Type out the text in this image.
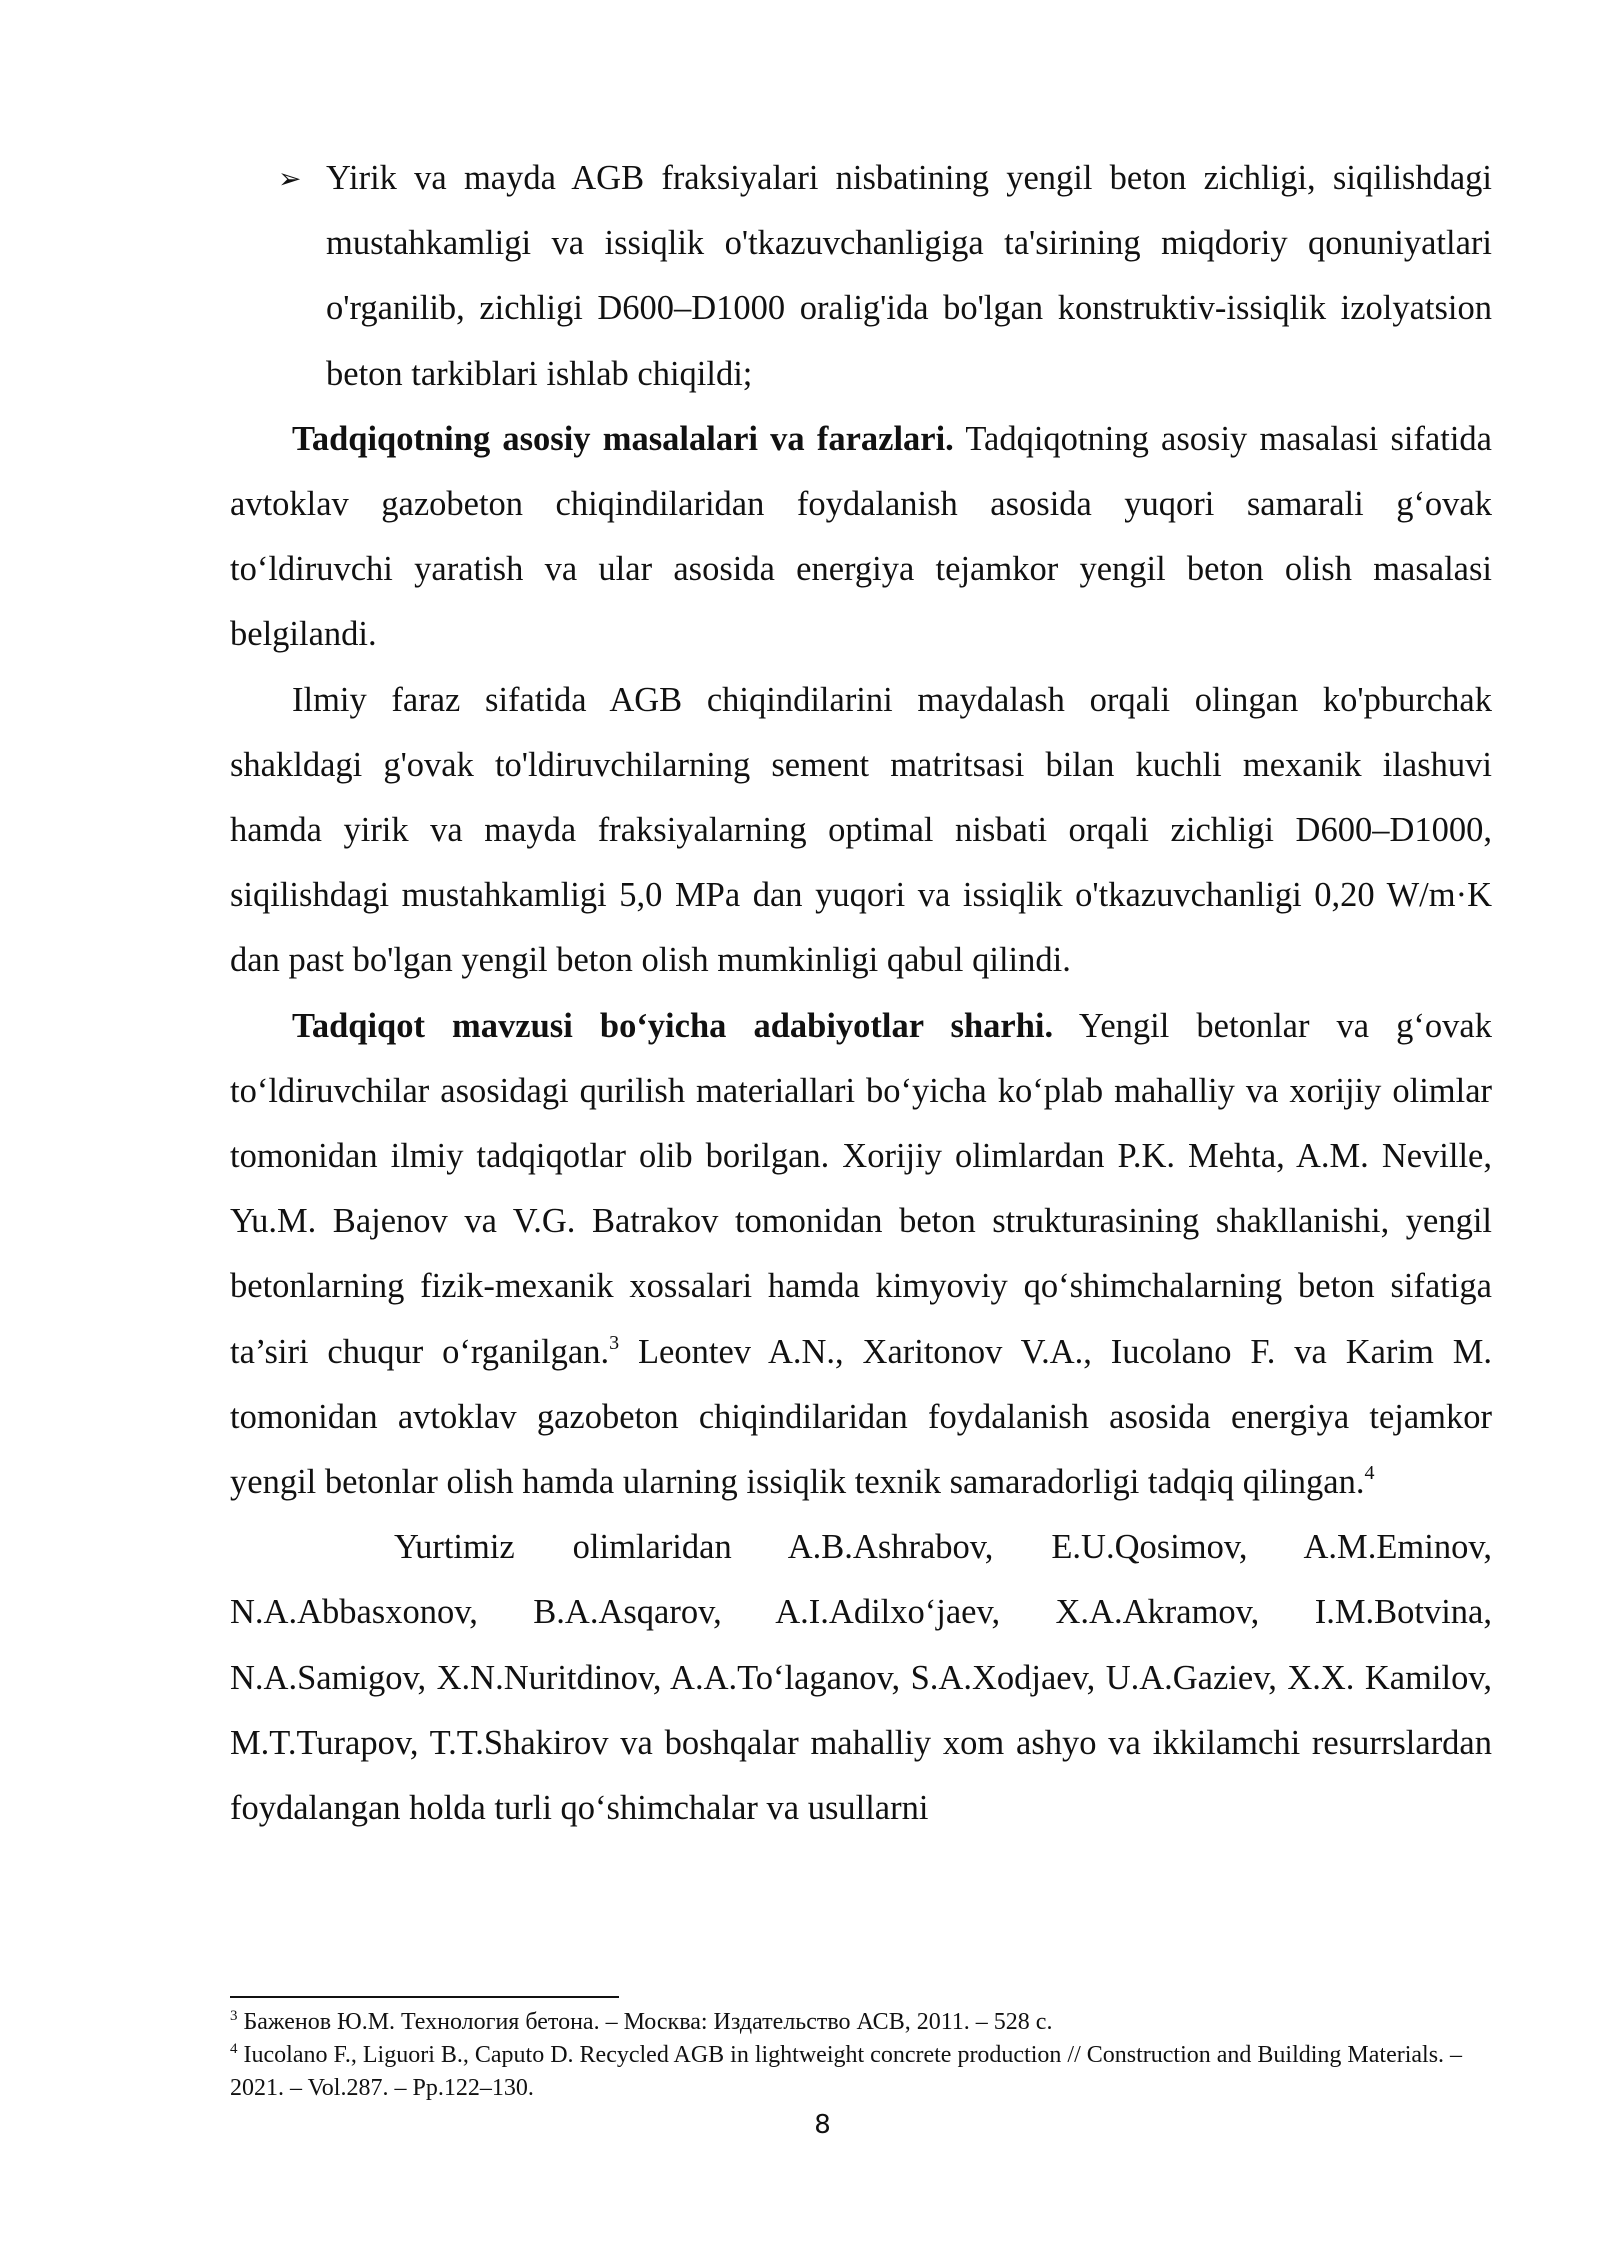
➢ Yirik va mayda AGB fraksiyalari nisbatining yengil beton zichligi, siqilishdagi mustahkamligi va issiqlik o'tkazuvchanligiga ta'sirining miqdoriy qonuniyatlari o'rganilib, zichligi D600–D1000 oralig'ida bo'lgan konstruktiv-issiqlik izolyatsion beton tarkiblari ishlab chiqildi;

Tadqiqotning asosiy masalalari va farazlari. Tadqiqotning asosiy masalasi sifatida avtoklav gazobeton chiqindilaridan foydalanish asosida yuqori samarali g‘ovak to‘ldiruvchi yaratish va ular asosida energiya tejamkor yengil beton olish masalasi belgilandi.

Ilmiy faraz sifatida AGB chiqindilarini maydalash orqali olingan ko'pburchak shakldagi g'ovak to'ldiruvchilarning sement matritsasi bilan kuchli mexanik ilashuvi hamda yirik va mayda fraksiyalarning optimal nisbati orqali zichligi D600–D1000, siqilishdagi mustahkamligi 5,0 MPa dan yuqori va issiqlik o'tkazuvchanligi 0,20 W/m·K dan past bo'lgan yengil beton olish mumkinligi qabul qilindi.

Tadqiqot mavzusi bo‘yicha adabiyotlar sharhi. Yengil betonlar va g‘ovak to‘ldiruvchilar asosidagi qurilish materiallari bo‘yicha ko‘plab mahalliy va xorijiy olimlar tomonidan ilmiy tadqiqotlar olib borilgan. Xorijiy olimlardan P.K. Mehta, A.M. Neville, Yu.M. Bajenov va V.G. Batrakov tomonidan beton strukturasining shakllanishi, yengil betonlarning fizik-mexanik xossalari hamda kimyoviy qo‘shimchalarning beton sifatiga ta’siri chuqur o‘rganilgan.$^3$ Leontev A.N., Xaritonov V.A., Iucolano F. va Karim M. tomonidan avtoklav gazobeton chiqindilaridan foydalanish asosida energiya tejamkor yengil betonlar olish hamda ularning issiqlik texnik samaradorligi tadqiq qilingan.$^4$

Yurtimiz olimlaridan A.B.Ashrabov, E.U.Qosimov, A.M.Eminov, N.A.Abbasxonov, B.A.Asqarov, A.I.Adilxo‘jaev, X.A.Akramov, I.M.Botvina, N.A.Samigov, X.N.Nuritdinov, A.A.To‘laganov, S.A.Xodjaev, U.A.Gaziev, X.X. Kamilov, M.T.Turapov, T.T.Shakirov va boshqalar mahalliy xom ashyo va ikkilamchi resurrslardan foydalangan holda turli qo‘shimchalar va usullarni

$^3$ Баженов Ю.М. Технология бетона. – Москва: Издательство АСВ, 2011. – 528 с.

$^4$ Iucolano F., Liguori B., Caputo D. Recycled AGB in lightweight concrete production // Construction and Building Materials. – 2021. – Vol.287. – Pp.122–130.

8
